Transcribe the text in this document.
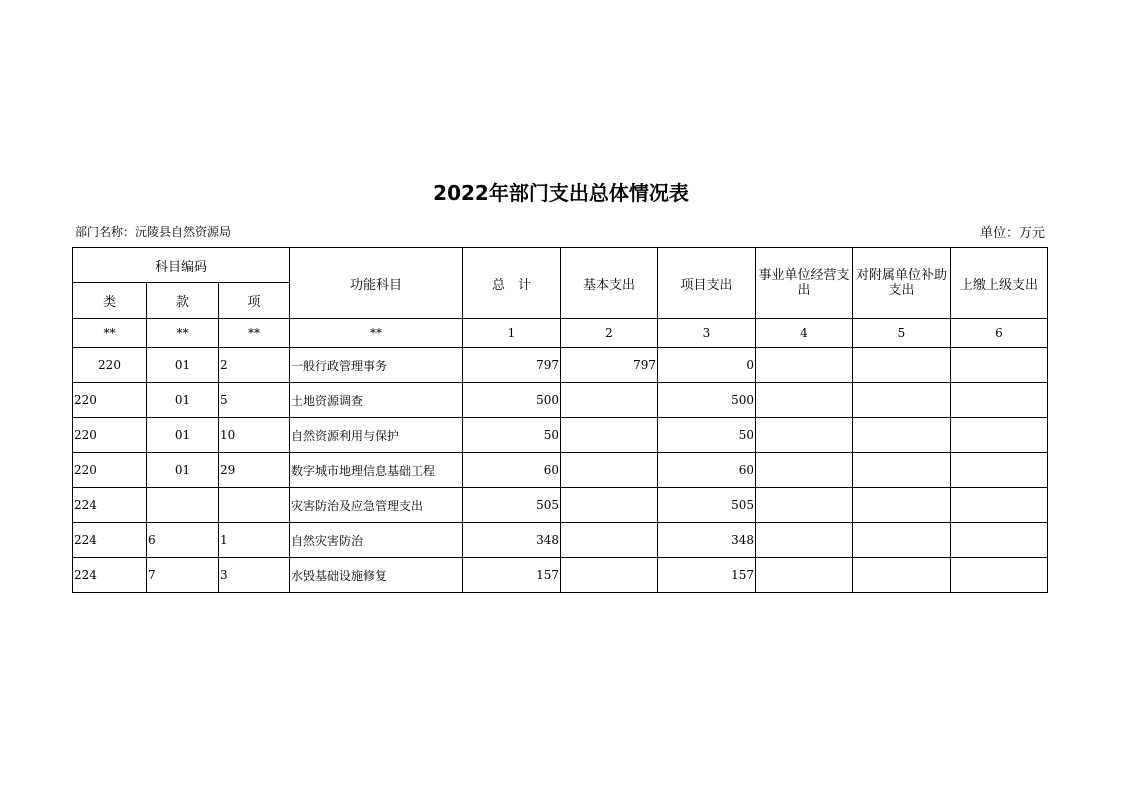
2022年部门支出总体情况表
部门名称：沅陵县自然资源局	单位：万元
科目编码			功能科目	总　计	基本支出	项目支出	事业单位经营支出	对附属单位补助支出	上缴上级支出
类	款	项							
**	**	**	**	1	2	3	4	5	6
220	01	2	一般行政管理事务	797	797	0			
220	01	5	土地资源调查	500		500			
220	01	10	自然资源利用与保护	50		50			
220	01	29	数字城市地理信息基础工程	60		60			
224			灾害防治及应急管理支出	505		505			
224	6	1	自然灾害防治	348		348			
224	7	3	水毁基础设施修复	157		157			
